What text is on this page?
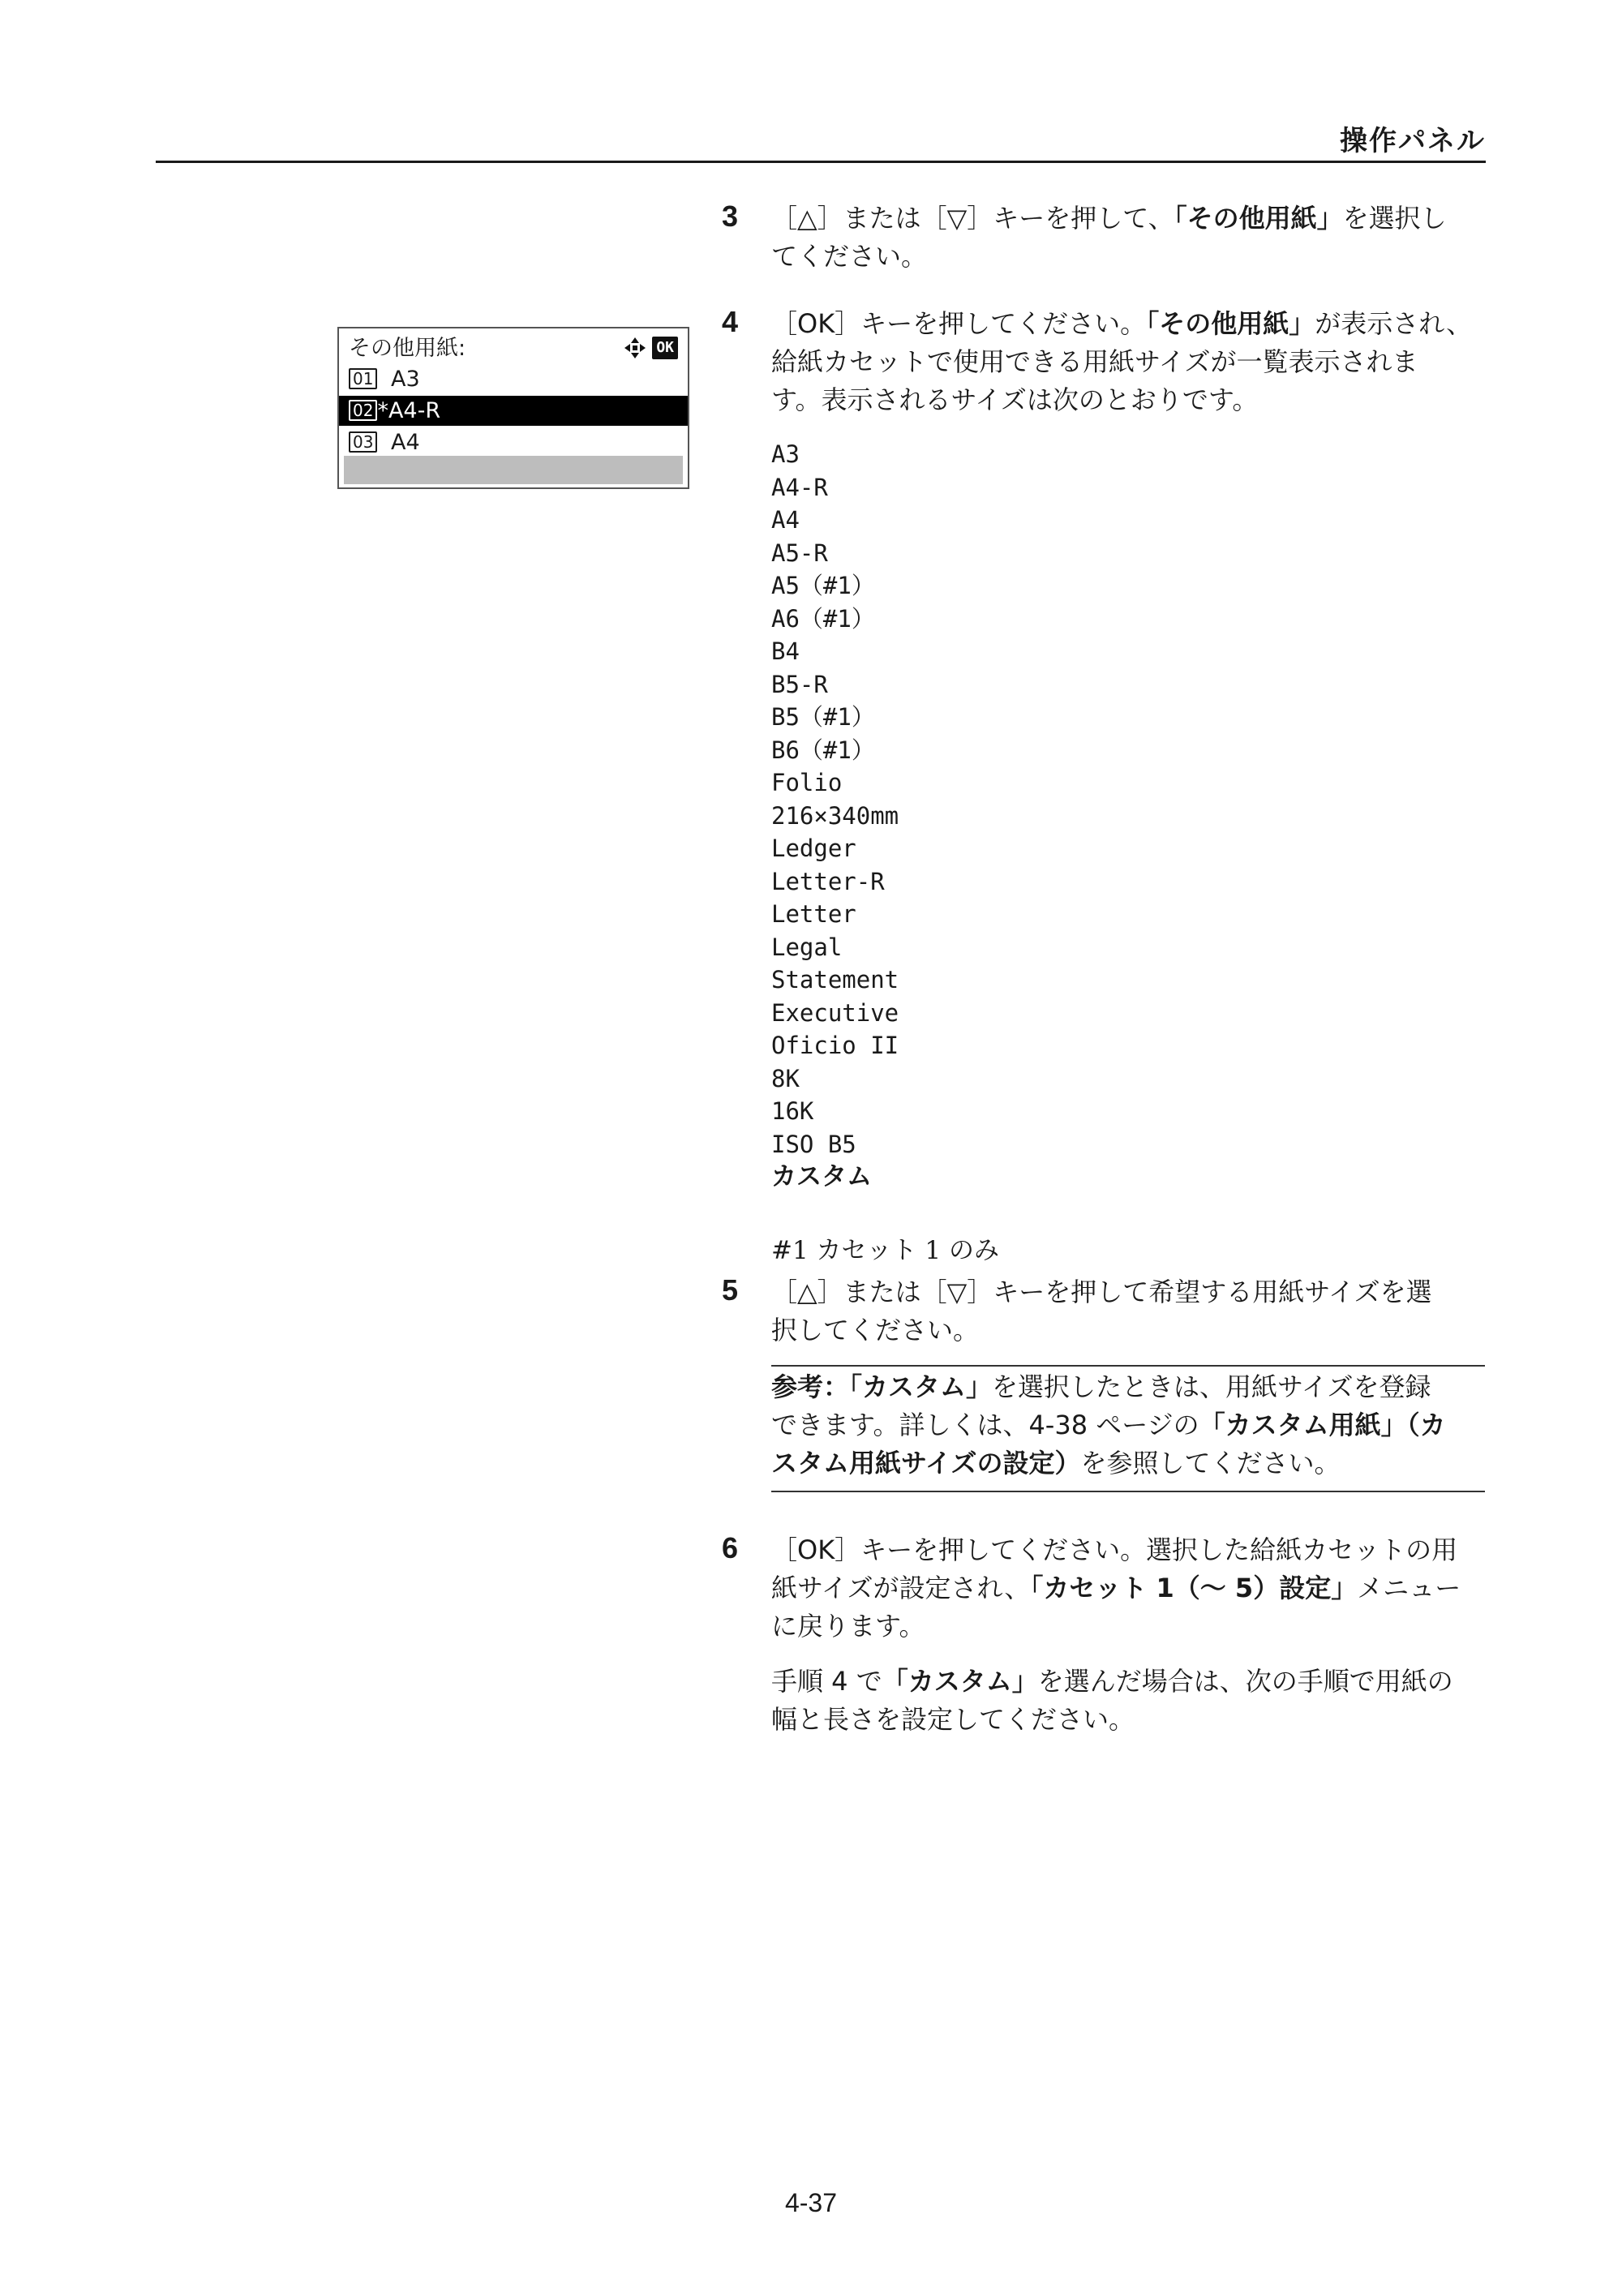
操作パネル
その他用紙:	OK
01 A3
02 *A4-R
03 A4
3 ［△］または［▽］キーを押して、「その他用紙」を選択し
てください。
4 ［OK］キーを押してください。「その他用紙」が表示され、
給紙カセットで使用できる用紙サイズが一覧表示されま
す。表示されるサイズは次のとおりです。
A3
A4-R
A4
A5-R
A5（#1）
A6（#1）
B4
B5-R
B5（#1）
B6（#1）
Folio
216×340mm
Ledger
Letter-R
Letter
Legal
Statement
Executive
Oficio II
8K
16K
ISO B5
カスタム
#1 カセット 1 のみ
5 ［△］または［▽］キーを押して希望する用紙サイズを選
択してください。
参考：「カスタム」を選択したときは、用紙サイズを登録
できます。詳しくは、4-38 ページの「カスタム用紙」（カ
スタム用紙サイズの設定）を参照してください。
6 ［OK］キーを押してください。選択した給紙カセットの用
紙サイズが設定され、「カセット 1（〜 5）設定」メニュー
に戻ります。
手順 4 で「カスタム」を選んだ場合は、次の手順で用紙の
幅と長さを設定してください。
4-37
